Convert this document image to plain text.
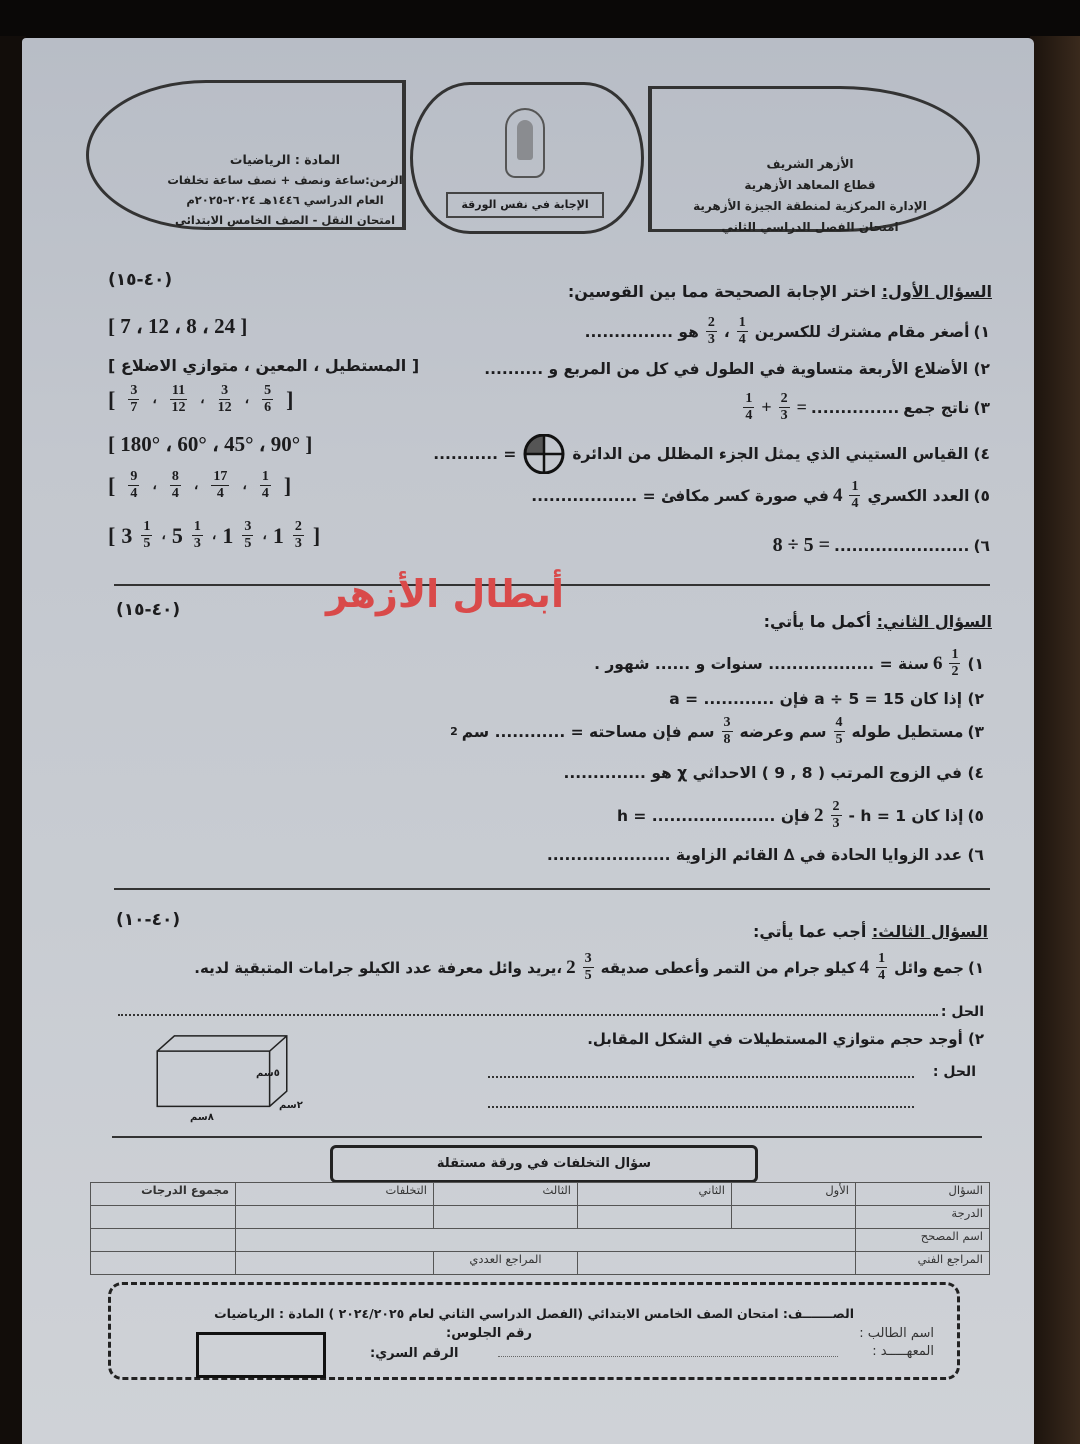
المادة : الرياضيات
الزمن:ساعة ونصف + نصف ساعة تخلفات
العام الدراسي ١٤٤٦هـ ٢٠٢٤-٢٠٢٥م
امتحان النقل - الصف الخامس الابتدائي
الإجابة في نفس الورقة
الأزهر الشريف
قطاع المعاهد الأزهرية
الإدارة المركزية لمنطقة الجيزة الأزهرية
امتحان الفصل الدراسي الثاني
(٤٠-١٥)
السؤال الأول: اختر الإجابة الصحيحة مما بين القوسين:
١)
أصغر مقام مشترك للكسرين
$\frac{1}{4}$
،
$\frac{2}{3}$
هو ...............
[ 7 ، 12 ، 8 ، 24 ]
٢) الأضلاع الأربعة متساوية في الطول في كل من المربع و ..........
[ المستطيل ، المعين ، متوازي الاضلاع ]
٣)
ناتج جمع
...............
=
$\frac{2}{3}$
+
$\frac{1}{4}$
[ $\frac{3}{7}$ ، $\frac{11}{12}$ ، $\frac{3}{12}$ ، $\frac{5}{6}$ ]
٤)
القياس الستيني الذي يمثل الجزء المظلل من الدائرة
= ...........
[ 180° ، 60° ، 45° ، 90° ]
٥)
العدد الكسري
$\frac{1}{4}$
4
في صورة كسر مكافئ = ..................
[ $\frac{9}{4}$ ، $\frac{8}{4}$ ، $\frac{17}{4}$ ، $\frac{1}{4}$ ]
٦)
.......................
8 ÷ 5 =
[ $3 \frac{1}{5}$ ، $5 \frac{1}{3}$ ، $1 \frac{3}{5}$ ، $1 \frac{2}{3}$ ]
أبطال الأزهر
(٤٠-١٥)
السؤال الثاني: أكمل ما يأتي:
١)
$\frac{1}{2}$
6
سنة = .................. سنوات و ...... شهور .
٢) إذا كان 15 = a ÷ 5 فإن ............ = a
٣)
مستطيل طوله
$\frac{4}{5}$
سم وعرضه
$\frac{3}{8}$
سم فإن مساحته = ............ سم
2
٤) في الزوج المرتب ( 8 , 9 ) الاحداثي χ هو ..............
٥)
إذا كان 1 = h -
$\frac{2}{3}$
2
فإن ..................... = h
٦) عدد الزوايا الحادة في ∆ القائم الزاوية .....................
(٤٠-١٠)
السؤال الثالث: أجب عما يأتي:
١)
جمع وائل
$\frac{1}{4}$
4
كيلو جرام من التمر وأعطى صديقه
$\frac{3}{5}$
2
،يريد وائل معرفة عدد الكيلو جرامات المتبقية لديه.
الحل :
٢) أوجد حجم متوازي المستطيلات في الشكل المقابل.
الحل :
٥سم
٢سم
٨سم
سؤال التخلفات في ورقة مستقلة
السؤال	الأول	الثاني	الثالث	التخلفات	مجموع الدرجات
الدرجة					
اسم المصحح					
المراجع الفني			المراجع العددي		
الصـــــــف: امتحان الصف الخامس الابتدائي (الفصل الدراسي الثاني لعام ٢٠٢٤/٢٠٢٥ ) المادة : الرياضيات
اسم الطالب :
المعهـــــد :
رقم الجلوس:
الرقم السري:
